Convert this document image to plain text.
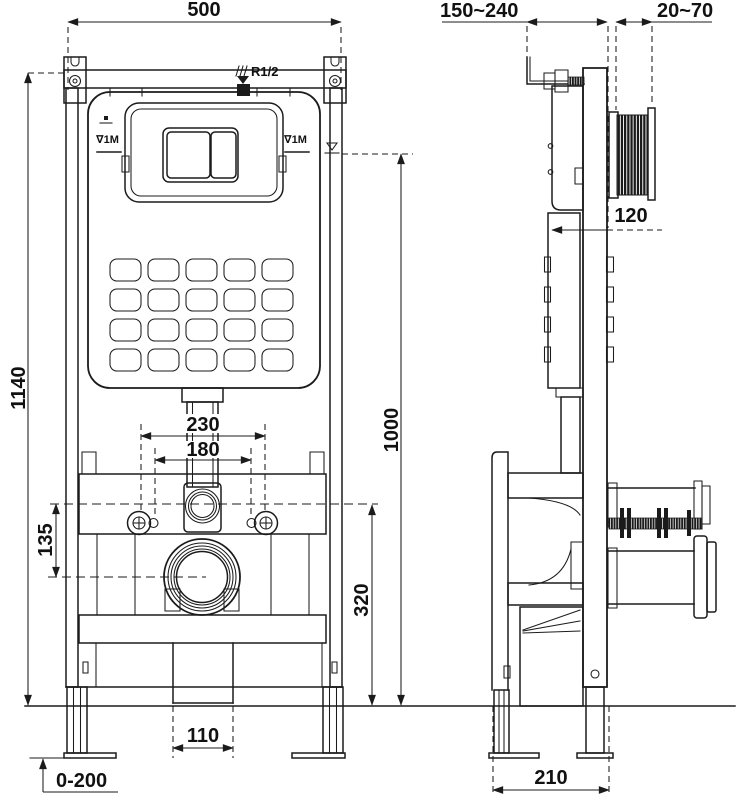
∇1M	∇1M
500
1140
150~240	20~70
120
1000
230
180
135
320
110
0-200	210
R1/2
